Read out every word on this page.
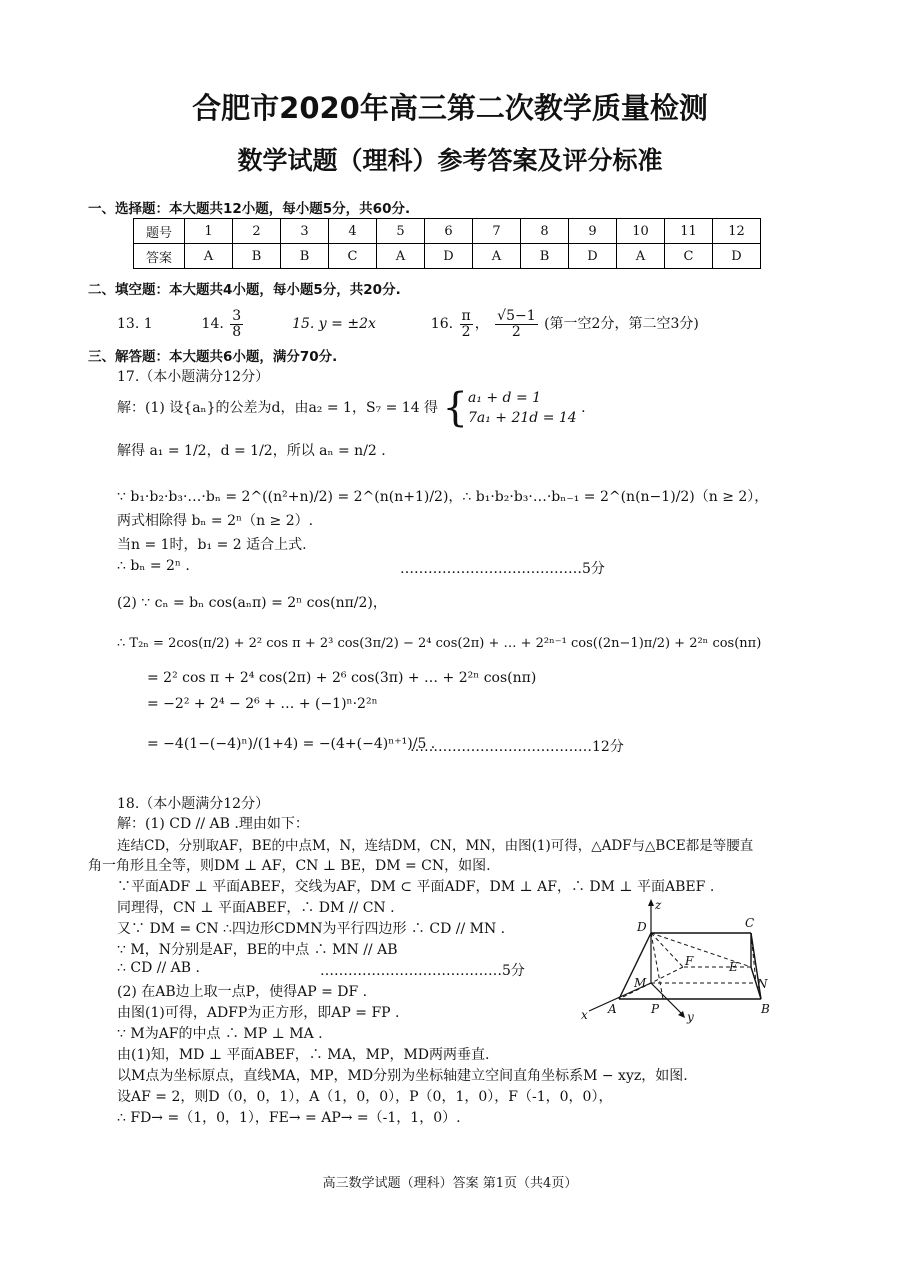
合肥市2020年高三第二次教学质量检测
数学试题（理科）参考答案及评分标准
一、选择题：本大题共12小题，每小题5分，共60分.
题号	1	2	3	4	5	6	7	8	9	10	11	12
答案	A	B	B	C	A	D	A	B	D	A	C	D
二、填空题：本大题共4小题，每小题5分，共20分.
13. 1	14. $\frac{3}{8}$	15. y = ±2x	16. $\frac{\pi}{2}$ ， $\frac{√5-1}{2}$ (第一空2分，第二空3分)
三、解答题：本大题共6小题，满分70分.
17.（本小题满分12分）
解：(1) 设{aₙ}的公差为d，由a₂ = 1，S₇ = 14 得 { a₁ + d = 1
7a₁ + 21d = 14
.
解得 a₁ = 1/2，d = 1/2，所以 aₙ = n/2 .
∵ b₁·b₂·b₃·…·bₙ = 2^((n²+n)/2) = 2^(n(n+1)/2)，∴ b₁·b₂·b₃·…·bₙ₋₁ = 2^(n(n−1)/2)（n ≥ 2），
两式相除得 bₙ = 2ⁿ（n ≥ 2）.
当n = 1时，b₁ = 2 适合上式.
∴ bₙ = 2ⁿ .	…………………………………5分
(2) ∵ cₙ = bₙ cos(aₙπ) = 2ⁿ cos(nπ/2)，
∴ T₂ₙ = 2cos(π/2) + 2² cos π + 2³ cos(3π/2) − 2⁴ cos(2π) + … + 2²ⁿ⁻¹ cos((2n−1)π/2) + 2²ⁿ cos(nπ)
= 2² cos π + 2⁴ cos(2π) + 2⁶ cos(3π) + … + 2²ⁿ cos(nπ)
= −2² + 2⁴ − 2⁶ + … + (−1)ⁿ·2²ⁿ
= −4(1−(−4)ⁿ)/(1+4) = −(4+(−4)ⁿ⁺¹)/5 .
…………………………………12分
18.（本小题满分12分）
解：(1) CD // AB .理由如下：
连结CD，分别取AF，BE的中点M，N，连结DM，CN，MN，由图(1)可得，△ADF与△BCE都是等腰直
角一角形且全等，则DM ⊥ AF，CN ⊥ BE，DM = CN，如图.
∵平面ADF ⊥ 平面ABEF，交线为AF，DM ⊂ 平面ADF，DM ⊥ AF，∴ DM ⊥ 平面ABEF .
同理得，CN ⊥ 平面ABEF，∴ DM // CN .
又∵ DM = CN ∴四边形CDMN为平行四边形 ∴ CD // MN .
∵ M，N分别是AF，BE的中点 ∴ MN // AB
∴ CD // AB .	…………………………………5分
(2) 在AB边上取一点P，使得AP = DF .
由图(1)可得，ADFP为正方形，即AP = FP .
∵ M为AF的中点 ∴ MP ⊥ MA .
由(1)知，MD ⊥ 平面ABEF，∴ MA，MP，MD两两垂直.
以M点为坐标原点，直线MA，MP，MD分别为坐标轴建立空间直角坐标系M − xyz，如图.
设AF = 2，则D（0，0，1），A（1，0，0），P（0，1，0），F（-1，0，0），
∴ FD→ =（1，0，1），FE→ = AP→ =（-1，1，0）.
z
C
D
F	E
M	N
x A	P
y
B
高三数学试题（理科）答案 第1页（共4页）
